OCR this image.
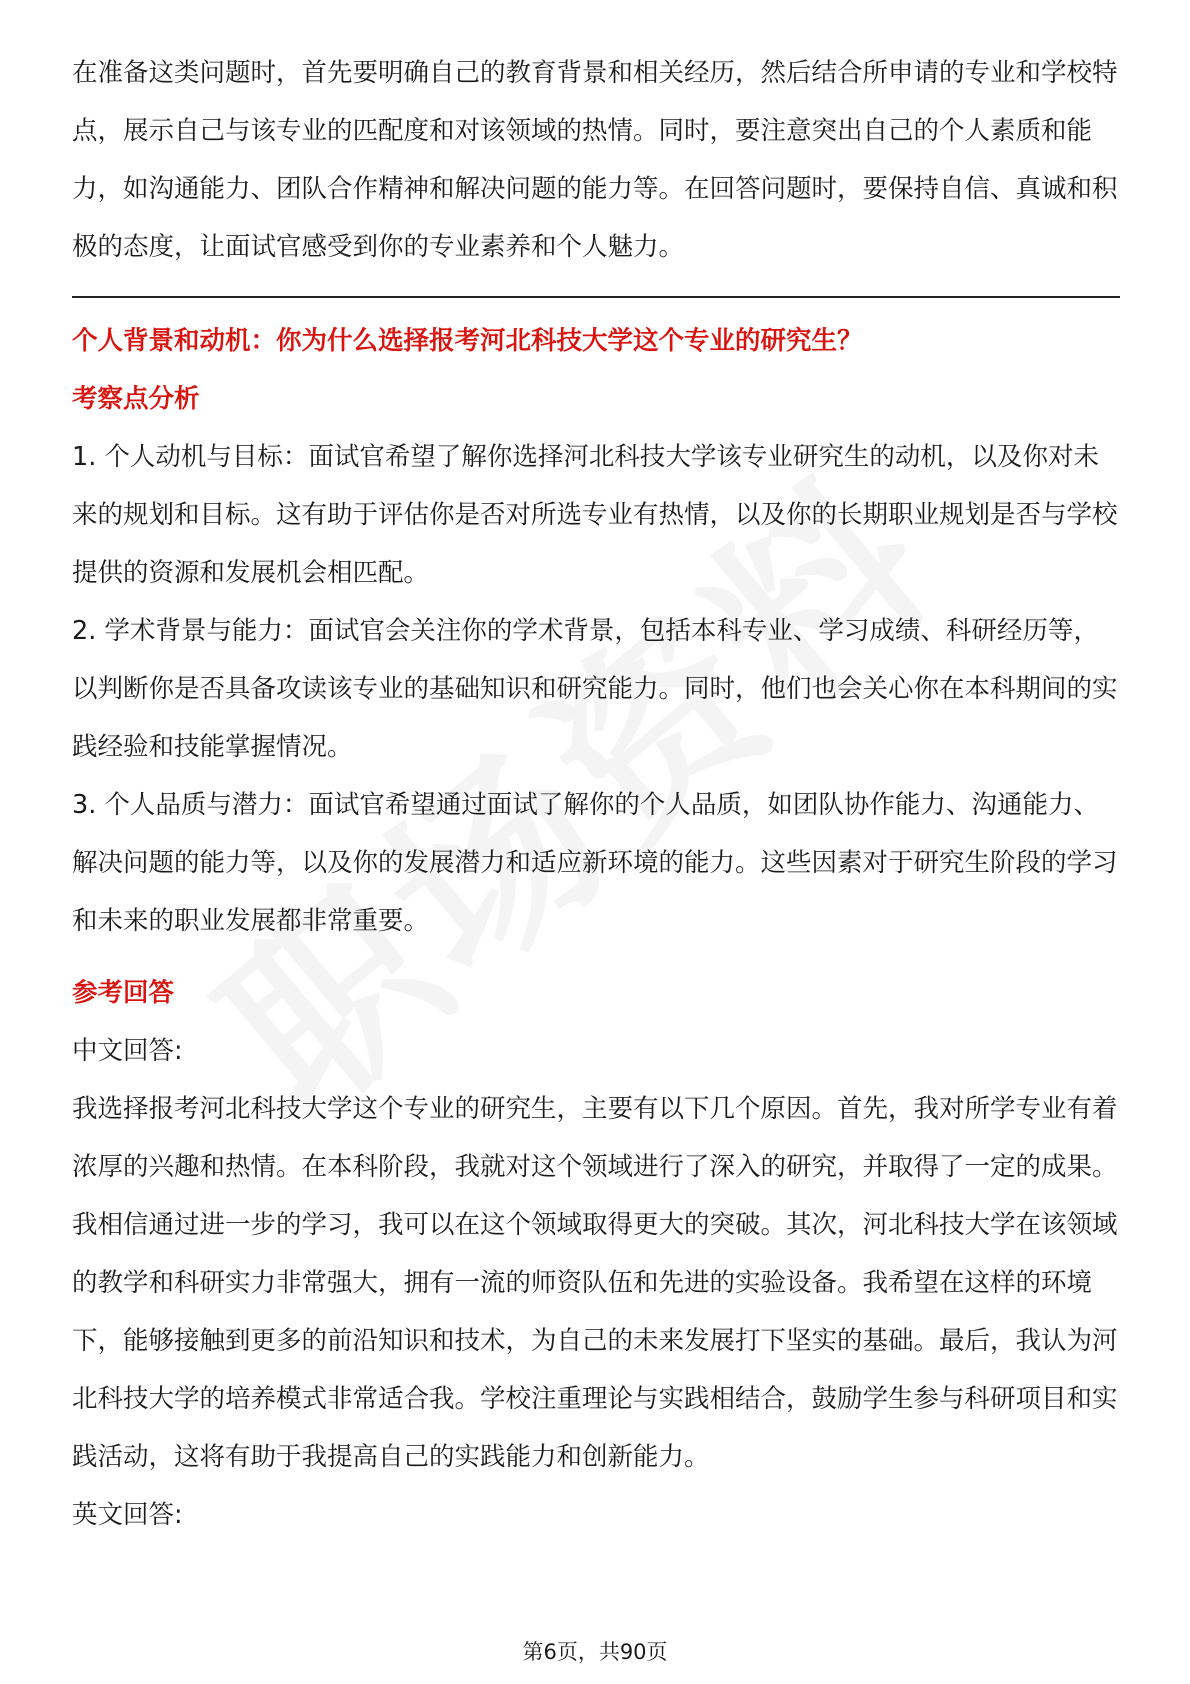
在准备这类问题时，首先要明确自己的教育背景和相关经历，然后结合所申请的专业和学校特点，展示自己与该专业的匹配度和对该领域的热情。同时，要注意突出自己的个人素质和能力，如沟通能力、团队合作精神和解决问题的能力等。在回答问题时，要保持自信、真诚和积极的态度，让面试官感受到你的专业素养和个人魅力。

个人背景和动机：你为什么选择报考河北科技大学这个专业的研究生？
考察点分析

1. 个人动机与目标：面试官希望了解你选择河北科技大学该专业研究生的动机，以及你对未来的规划和目标。这有助于评估你是否对所选专业有热情，以及你的长期职业规划是否与学校提供的资源和发展机会相匹配。

2. 学术背景与能力：面试官会关注你的学术背景，包括本科专业、学习成绩、科研经历等，以判断你是否具备攻读该专业的基础知识和研究能力。同时，他们也会关心你在本科期间的实践经验和技能掌握情况。

3. 个人品质与潜力：面试官希望通过面试了解你的个人品质，如团队协作能力、沟通能力、解决问题的能力等，以及你的发展潜力和适应新环境的能力。这些因素对于研究生阶段的学习和未来的职业发展都非常重要。

参考回答

中文回答:

我选择报考河北科技大学这个专业的研究生，主要有以下几个原因。首先，我对所学专业有着浓厚的兴趣和热情。在本科阶段，我就对这个领域进行了深入的研究，并取得了一定的成果。我相信通过进一步的学习，我可以在这个领域取得更大的突破。其次，河北科技大学在该领域的教学和科研实力非常强大，拥有一流的师资队伍和先进的实验设备。我希望在这样的环境下，能够接触到更多的前沿知识和技术，为自己的未来发展打下坚实的基础。最后，我认为河北科技大学的培养模式非常适合我。学校注重理论与实践相结合，鼓励学生参与科研项目和实践活动，这将有助于我提高自己的实践能力和创新能力。

英文回答:

第6页，共90页
